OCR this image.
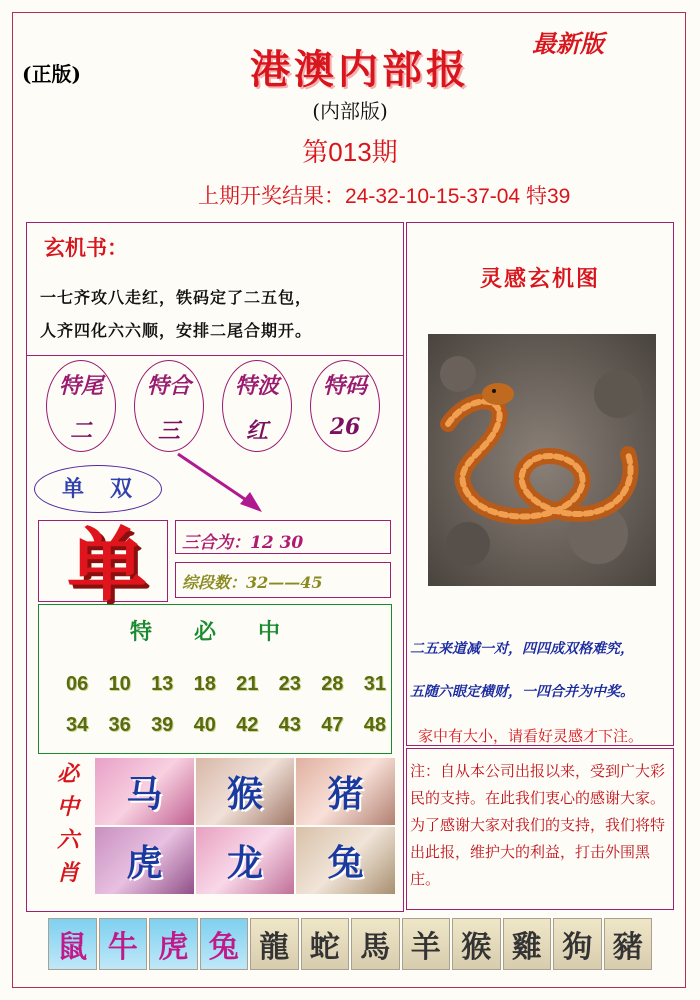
(正版)	港澳内部报
最新版
(内部版)
第013期
上期开奖结果：24-32-10-15-37-04 特39
玄机书：
一七齐攻八走红，铁码定了二五包，
人齐四化六六顺，安排二尾合期开。
特尾
二
特合
三
特波
红
特码
26
单双
单	三合为：12 30
综段数：32——45
特必中
06 10 13 18 21 23 28 31
34 36 39 40 42 43 47 48
必
中
六
肖
马	猴	猪
虎	龙	兔
灵感玄机图
二五来道减一对，四四成双格难究，
五随六眼定横财，一四合并为中奖。
家中有大小，请看好灵感才下注。
注：自从本公司出报以来，受到广大彩民的支持。在此我们衷心的感谢大家。为了感谢大家对我们的支持，我们将特出此报，维护大的利益，打击外围黑庄。
鼠 牛 虎 兔 龍 蛇 馬 羊 猴 雞 狗 豬
